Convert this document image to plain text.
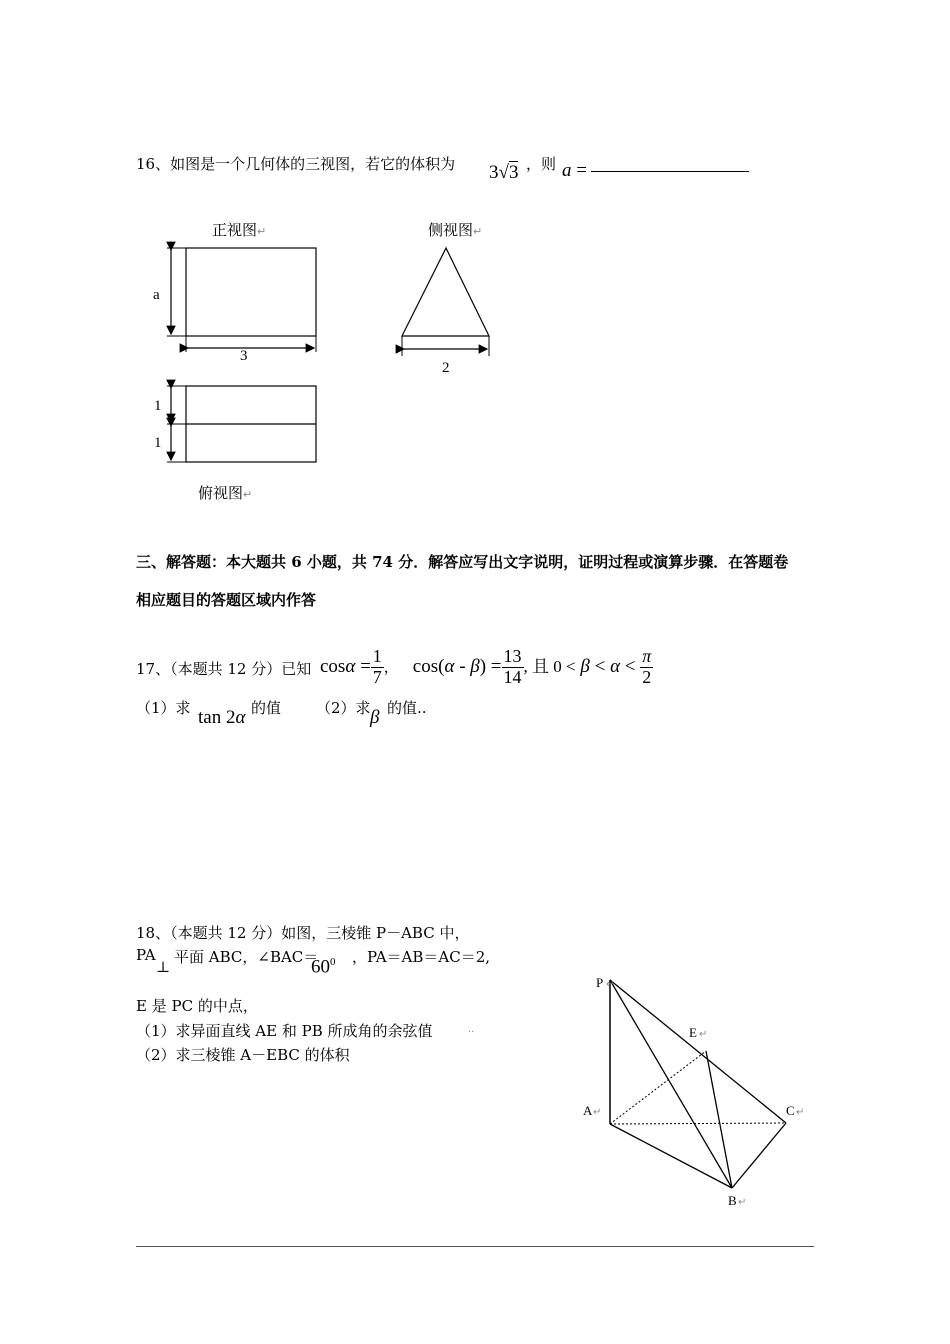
16、如图是一个几何体的三视图，若它的体积为 3√3 ，则 a =
正视图↵	侧视图↵
俯视图↵
a
3
2
1
1
三、解答题：本大题共 6 小题，共 74 分．解答应写出文字说明，证明过程或演算步骤．在答题卷
相应题目的答题区域内作答
17、（本题共 12 分）已知 $\cos\alpha = \frac{1}{7}$ ， $\cos(\alpha - \beta) = \frac{13}{14}$ , 且 $0 < \beta < \alpha < \frac{\pi}{2}$
（1）求 tan 2α 的值 （2）求 β 的值..
18、（本题共 12 分）如图，三棱锥 P－ABC 中，
PA
⊥
平面 ABC，∠BAC＝
$60^0$ ，PA＝AB＝AC＝2,
E 是 PC 的中点，
（1）求异面直线 AE 和 PB 所成角的余弦值	..
（2）求三棱锥 A－EBC 的体积
P
A
B
C
E
↵
↵
↵
↵
↵
